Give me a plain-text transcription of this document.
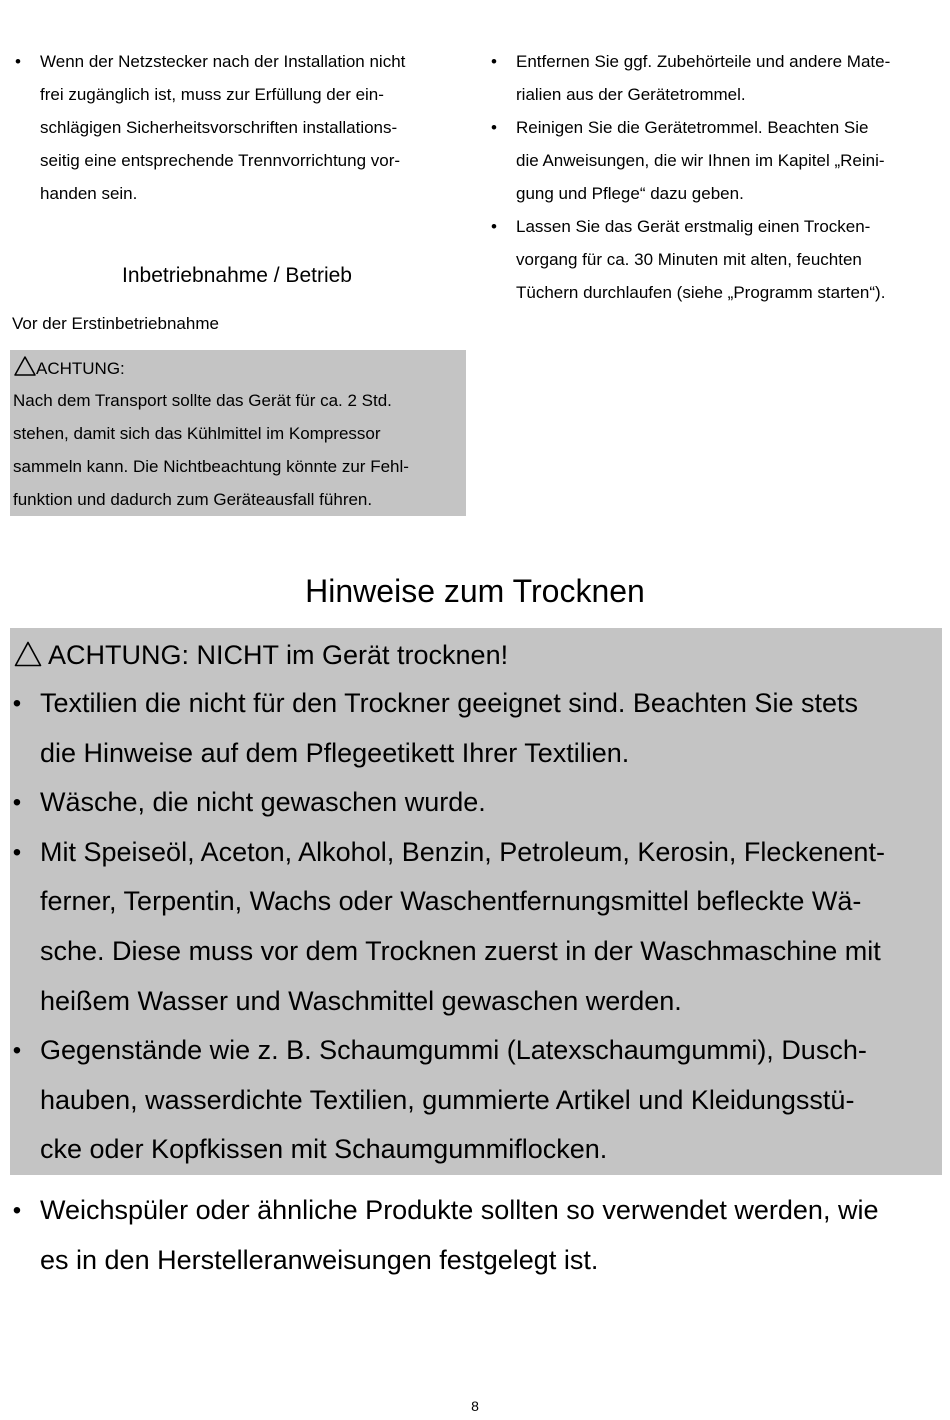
• Wenn der Netzstecker nach der Installation nicht
frei zugänglich ist, muss zur Erfüllung der ein-
schlägigen Sicherheitsvorschriften installations-
seitig eine entsprechende Trennvorrichtung vor-
handen sein.
Inbetriebnahme / Betrieb
Vor der Erstinbetriebnahme
ACHTUNG:
Nach dem Transport sollte das Gerät für ca. 2 Std.
stehen, damit sich das Kühlmittel im Kompressor
sammeln kann. Die Nichtbeachtung könnte zur Fehl-
funktion und dadurch zum Geräteausfall führen.
• Entfernen Sie ggf. Zubehörteile und andere Mate-
rialien aus der Gerätetrommel.
• Reinigen Sie die Gerätetrommel. Beachten Sie
die Anweisungen, die wir Ihnen im Kapitel „Reini-
gung und Pflege“ dazu geben.
• Lassen Sie das Gerät erstmalig einen Trocken-
vorgang für ca. 30 Minuten mit alten, feuchten
Tüchern durchlaufen (siehe „Programm starten“).
Hinweise zum Trocknen
ACHTUNG: NICHT im Gerät trocknen!
• Textilien die nicht für den Trockner geeignet sind. Beachten Sie stets
die Hinweise auf dem Pflegeetikett Ihrer Textilien.
• Wäsche, die nicht gewaschen wurde.
• Mit Speiseöl, Aceton, Alkohol, Benzin, Petroleum, Kerosin, Fleckenent-
ferner, Terpentin, Wachs oder Waschentfernungsmittel befleckte Wä-
sche. Diese muss vor dem Trocknen zuerst in der Waschmaschine mit
heißem Wasser und Waschmittel gewaschen werden.
• Gegenstände wie z. B. Schaumgummi (Latexschaumgummi), Dusch-
hauben, wasserdichte Textilien, gummierte Artikel und Kleidungsstü-
cke oder Kopfkissen mit Schaumgummiflocken.
• Weichspüler oder ähnliche Produkte sollten so verwendet werden, wie
es in den Herstelleranweisungen festgelegt ist.
8
